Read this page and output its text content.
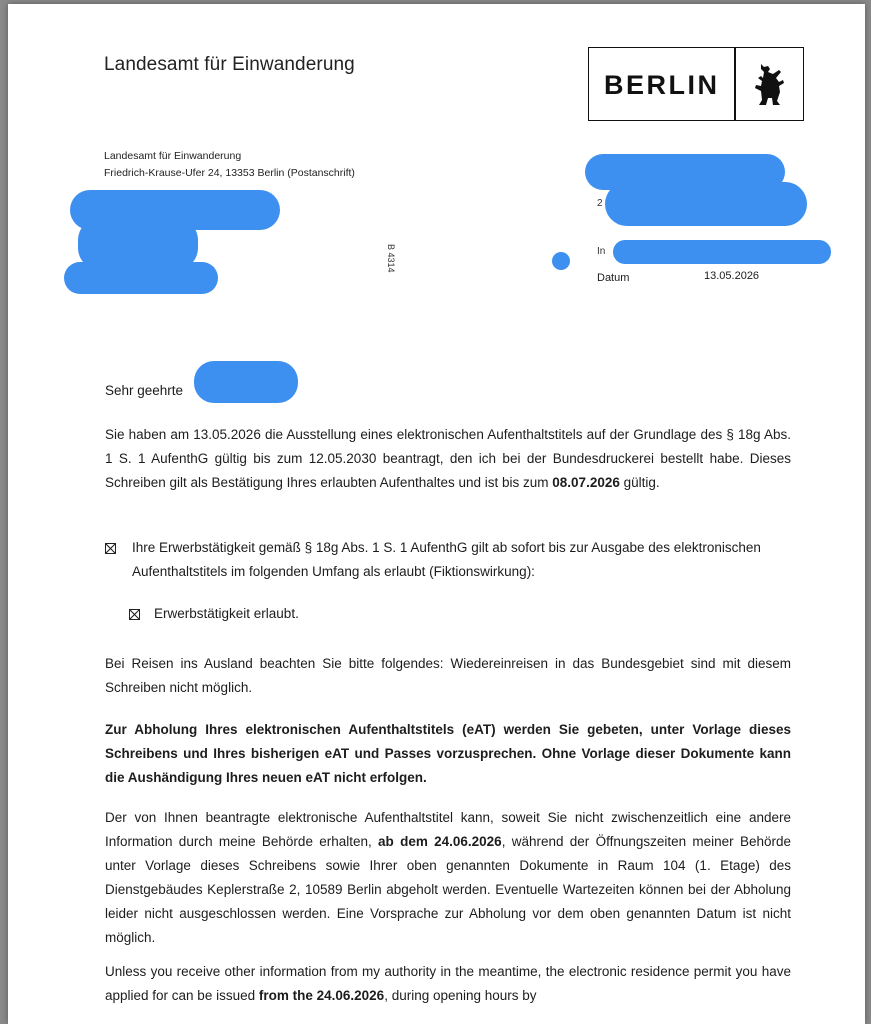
Landesamt für Einwanderung
BERLIN
Landesamt für Einwanderung
Friedrich-Krause-Ufer 24, 13353 Berlin (Postanschrift)
B 4314
2
In
Datum	13.05.2026
Sehr geehrte
Sie haben am 13.05.2026 die Ausstellung eines elektronischen Aufenthaltstitels auf der Grundlage des § 18g Abs. 1 S. 1 AufenthG gültig bis zum 12.05.2030 beantragt, den ich bei der Bundesdruckerei bestellt habe. Dieses Schreiben gilt als Bestätigung Ihres erlaubten Aufenthaltes und ist bis zum 08.07.2026 gültig.
Ihre Erwerbstätigkeit gemäß § 18g Abs. 1 S. 1 AufenthG gilt ab sofort bis zur Ausgabe des elektronischen Aufenthaltstitels im folgenden Umfang als erlaubt (Fiktionswirkung):
Erwerbstätigkeit erlaubt.
Bei Reisen ins Ausland beachten Sie bitte folgendes: Wiedereinreisen in das Bundesgebiet sind mit diesem Schreiben nicht möglich.
Zur Abholung Ihres elektronischen Aufenthaltstitels (eAT) werden Sie gebeten, unter Vorlage dieses Schreibens und Ihres bisherigen eAT und Passes vorzusprechen. Ohne Vorlage dieser Dokumente kann die Aushändigung Ihres neuen eAT nicht erfolgen.
Der von Ihnen beantragte elektronische Aufenthaltstitel kann, soweit Sie nicht zwischenzeitlich eine andere Information durch meine Behörde erhalten, ab dem 24.06.2026, während der Öffnungszeiten meiner Behörde unter Vorlage dieses Schreibens sowie Ihrer oben genannten Dokumente in Raum 104 (1. Etage) des Dienstgebäudes Keplerstraße 2, 10589 Berlin abgeholt werden. Eventuelle Wartezeiten können bei der Abholung leider nicht ausgeschlossen werden. Eine Vorsprache zur Abholung vor dem oben genannten Datum ist nicht möglich.
Unless you receive other information from my authority in the meantime, the electronic residence permit you have applied for can be issued from the 24.06.2026, during opening hours by
